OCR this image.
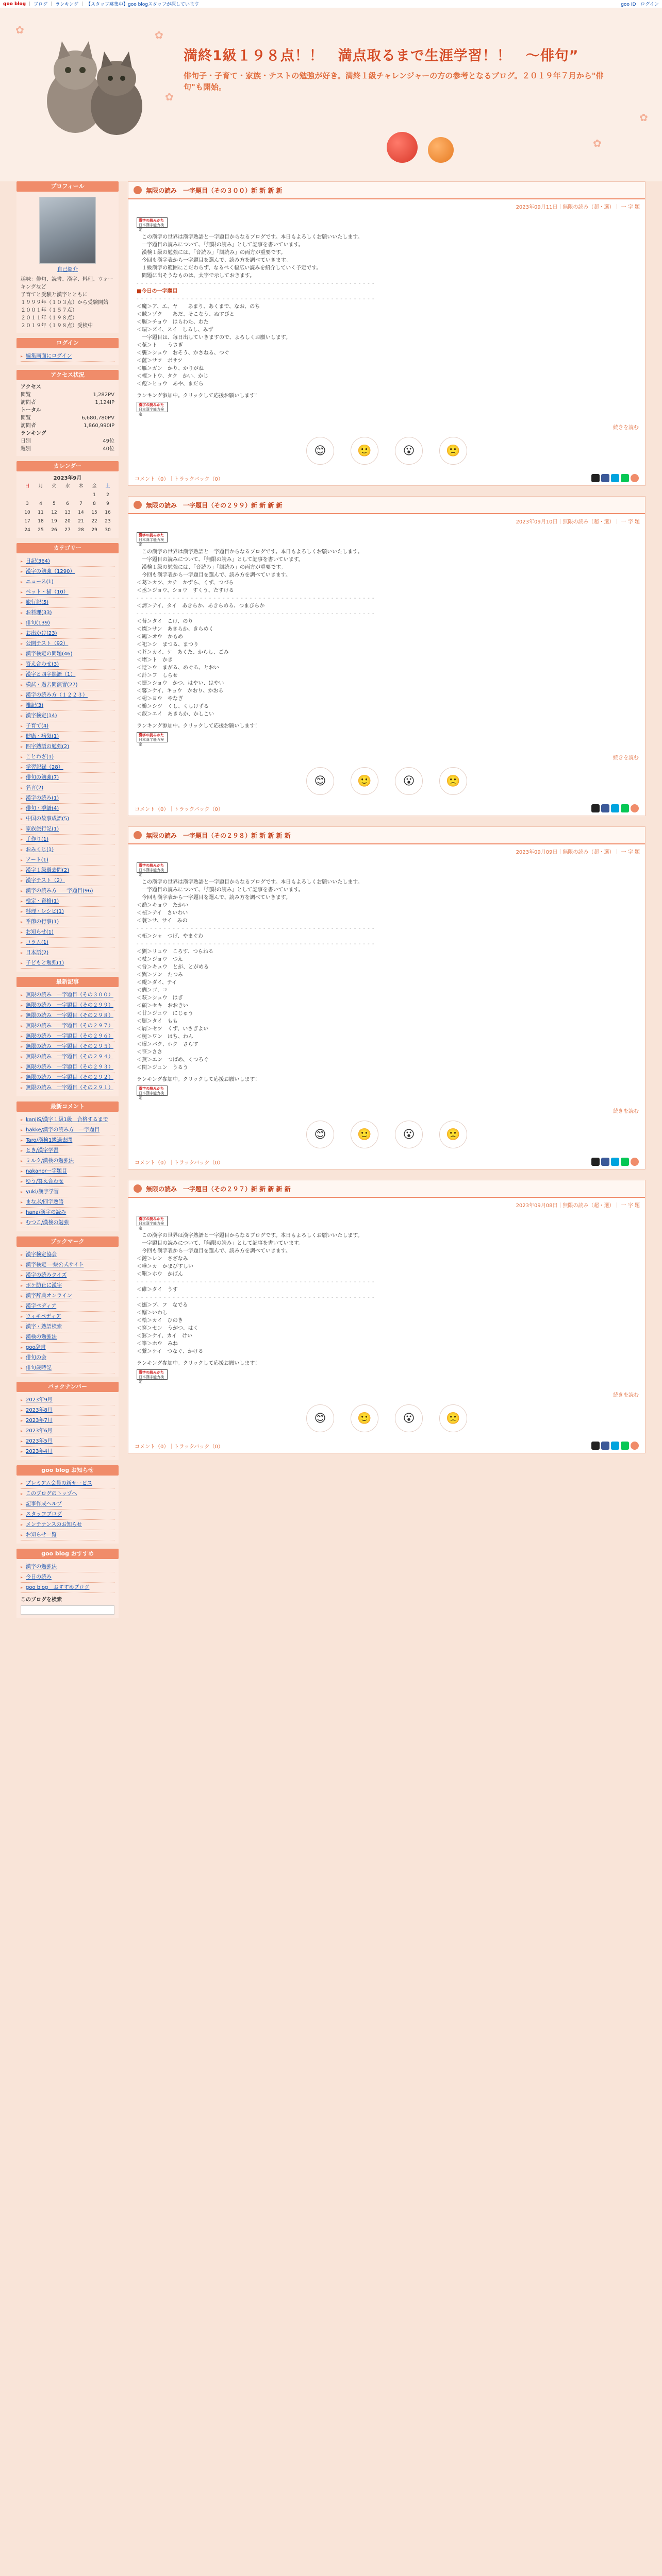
goo blog | ブログ | ランキング | 【スタッフ募集中】goo blogスタッフが探しています	goo ID　ログイン
✿	✿
✿
✿
✿
満終1級１９８点！！　満点取るまで生涯学習！！　～俳句”
俳句子・子育て・家族・テストの勉強が好き。満終１級チャレンジャーの方の参考となるブログ。２０１９年７月から"俳句"も開始。
プロフィール
自己紹介
趣味：俳句、読書、漢字、料理、ウォーキングなど
子育てと受験と漢字とともに
１９９９年（１０３点）から受験開始
２００１年（１５７点）
２０１１年（１９８点）
２０１９年（１９８点）受検中
ログイン
▸ 編集画面にログイン
アクセス状況
アクセス
閲覧	1,282PV
訪問者	1,124IP
トータル
閲覧	6,680,780PV
訪問者	1,860,990IP
ランキング
日別	49位
週別	40位
カレンダー
2023年9月
日	月	火	水	木	金	土
					1	2
3	4	5	6	7	8	9
10	11	12	13	14	15	16
17	18	19	20	21	22	23
24	25	26	27	28	29	30
カテゴリー
▸ 日記(364)
▸ 漢字の勉強（1290）
▸ ニュース(1)
▸ ペット・猫（10）
▸ 旅行記(5)
▸ お料理(33)
▸ 俳句(139)
▸ お出かけ(23)
▸ 公開テスト（92）
▸ 漢字検定の問題(46)
▸ 答え合わせ(3)
▸ 漢字と四字熟語（1）
▸ 模試・過去問演習(27)
▸ 漢字の読み方（１２２３）
▸ 雑記(3)
▸ 漢字検定(14)
▸ 子育て(4)
▸ 健康・病気(1)
▸ 四字熟語の勉強(2)
▸ ことわざ(1)
▸ 学習記録（28）
▸ 俳句の勉強(7)
▸ 名言(2)
▸ 漢字の読み(1)
▸ 俳句・季語(4)
▸ 中国の故事成語(5)
▸ 家族旅行記(1)
▸ 手作り(1)
▸ おみくじ(1)
▸ アート(1)
▸ 漢字１級過去問(2)
▸ 漢字テスト（2）
▸ 漢字の読み方　一字題目(96)
▸ 検定・資格(1)
▸ 料理・レシピ(1)
▸ 季節の行事(1)
▸ お知らせ(1)
▸ コラム(1)
▸ 日本語(2)
▸ 子どもと勉強(1)
最新記事
▸ 無限の読み　一字題目（その３００）
▸ 無限の読み　一字題目（その２９９）
▸ 無限の読み　一字題目（その２９８）
▸ 無限の読み　一字題目（その２９７）
▸ 無限の読み　一字題目（その２９６）
▸ 無限の読み　一字題目（その２９５）
▸ 無限の読み　一字題目（その２９４）
▸ 無限の読み　一字題目（その２９３）
▸ 無限の読み　一字題目（その２９２）
▸ 無限の読み　一字題目（その２９１）
最新コメント
▸ kanjiS/漢字１級1級　合格するまで
▸ hakke/漢字の読み方　一字題目
▸ Taro/漢検1級過去問
▸ とき/漢字学習
▸ ミルク/漢検の勉強法
▸ nakano/一字題目
▸ ゆう/答え合わせ
▸ yuki/漢字学習
▸ まなぶ/四字熟語
▸ hana/漢字の読み
▸ むつこ/漢検の勉強
ブックマーク
▸ 漢字検定協会
▸ 漢字検定 一級公式サイト
▸ 漢字の読みクイズ
▸ ボケ防止に漢字
▸ 漢字辞典オンライン
▸ 漢字ペディア
▸ ウィキペディア
▸ 漢字・熟語検索
▸ 漢検の勉強法
▸ goo辞書
▸ 俳句の会
▸ 俳句歳時記
バックナンバー
▸ 2023年9月
▸ 2023年8月
▸ 2023年7月
▸ 2023年6月
▸ 2023年5月
▸ 2023年4月
goo blog お知らせ
▸ プレミアム会員の新サービス
▸ このブログのトップへ
▸ 記事作成ヘルプ
▸ スタッフブログ
▸ メンテナンスのお知らせ
▸ お知らせ一覧
goo blog おすすめ
▸ 漢字の勉強法
▸ 今日の読み
▸ goo blog　おすすめブログ
このブログを検索
無限の読み　一字題目（その３００）新 新 新 新
2023年09月11日｜無限の読み（超・選）｜ 一 字 題
漢字の読みかた
日本漢字能力検定

　この漢字の世界は漢字熟語と一字題目からなるブログです。本日もよろしくお願いいたします。

　一字題目の読みについて、「無限の読み」として記事を書いています。

　漢検１級の勉強には、「音読み」「訓読み」の両方が重要です。

　今回も漢字表から一字題目を選んで、読み方を調べていきます。

　１級漢字の範囲にこだわらず、なるべく幅広い読みを紹介していく予定です。

　問題に出そうなものは、太字で示しておきます。

- - - - - - - - - - - - - - - - - - - - - - - - - - - - - - - - - - - - - - - - - - - - - - - - - - - - -

■今日の一字題目

- - - - - - - - - - - - - - - - - - - - - - - - - - - - - - - - - - - - - - - - - - - - - - - - - - - - -

＜魔＞ア、エ、ヤ　　あまり、あくまで、なお、のち

＜賊＞ゾク　　あだ、そこなう、ぬすびと

＜腸＞チョウ　はらわた、わた

＜瑞＞ズイ、スイ　しるし、みず

　一字題目は、毎日出していきますので、よろしくお願いします。

＜菟＞ト　　うさぎ

＜襲＞シュウ　おそう、かさねる、つぐ

＜薩＞サツ　ボサツ

＜雁＞ガン　かり、かりがね

＜櫂＞トウ、タク　かい、かじ

＜彪＞ヒョウ　あや、まだら

ランキング参加中。クリックして応援お願いします！

漢字の読みかた
日本漢字能力検定
続きを読む
😊	🙂	😮	🙁
コメント（0）｜トラックバック（0）
無限の読み　一字題目（その２９９）新 新 新 新
2023年09月10日｜無限の読み（超・選）｜ 一 字 題
漢字の読みかた
日本漢字能力検定

　この漢字の世界は漢字熟語と一字題目からなるブログです。本日もよろしくお願いいたします。

　一字題目の読みについて、「無限の読み」として記事を書いています。

　漢検１級の勉強には、「音読み」「訓読み」の両方が重要です。

　今回も漢字表から一字題目を選んで、読み方を調べていきます。

＜葛＞カツ、カチ　かずら、くず、つづら

＜丞＞ジョウ、ショウ　すくう、たすける

- - - - - - - - - - - - - - - - - - - - - - - - - - - - - - - - - - - - - - - - - - - - - - - - - - - - -

＜諦＞テイ、タイ　あきらか、あきらめる、つまびらか

- - - - - - - - - - - - - - - - - - - - - - - - - - - - - - - - - - - - - - - - - - - - - - - - - - - - -

＜苔＞タイ　こけ、のり

＜燦＞サン　あきらか、きらめく

＜鷗＞オウ　かもめ

＜祀＞シ　まつる、まつり

＜芥＞カイ、ケ　あくた、からし、ごみ

＜堵＞ト　かき

＜迂＞ウ　まがる、めぐる、とおい

＜訃＞フ　しらせ

＜捷＞ショウ　かつ、はやい、はやい

＜馨＞ケイ、キョウ　かおり、かおる

＜楊＞ヨウ　やなぎ

＜櫛＞シツ　くし、くしけずる

＜叡＞エイ　あきらか、かしこい

ランキング参加中。クリックして応援お願いします！

漢字の読みかた
日本漢字能力検定
続きを読む
😊	🙂	😮	🙁
コメント（0）｜トラックバック（0）
無限の読み　一字題目（その２９８）新 新 新 新 新
2023年09月09日｜無限の読み（超・選）｜ 一 字 題
漢字の読みかた
日本漢字能力検定

　この漢字の世界は漢字熟語と一字題目からなるブログです。本日もよろしくお願いいたします。

　一字題目の読みについて、「無限の読み」として記事を書いています。

　今回も漢字表から一字題目を選んで、読み方を調べていきます。

＜喬＞キョウ　たかい

＜禎＞テイ　さいわい

＜蓑＞サ、サイ　みの

- - - - - - - - - - - - - - - - - - - - - - - - - - - - - - - - - - - - - - - - - - - - - - - - - - - - -

＜柘＞シャ　つげ、やまぐわ

- - - - - - - - - - - - - - - - - - - - - - - - - - - - - - - - - - - - - - - - - - - - - - - - - - - - -

＜劉＞リュウ　ころす、つらねる

＜杖＞ジョウ　つえ

＜咎＞キュウ　とが、とがめる

＜巽＞ソン　たつみ

＜醍＞ダイ、テイ

＜醐＞ゴ、コ

＜萩＞シュウ　はぎ

＜碩＞セキ　おおきい

＜廿＞ジュウ　にじゅう

＜腿＞タイ　もも

＜屑＞セツ　くず、いさぎよい

＜椀＞ワン　はち、わん

＜曝＞バク、ホク　さらす

＜笹＞ささ

＜燕＞エン　つばめ、くつろぐ

＜閏＞ジュン　うるう

ランキング参加中。クリックして応援お願いします！

漢字の読みかた
日本漢字能力検定
続きを読む
😊	🙂	😮	🙁
コメント（0）｜トラックバック（0）
無限の読み　一字題目（その２９７）新 新 新 新 新
2023年09月08日｜無限の読み（超・選）｜ 一 字 題
漢字の読みかた
日本漢字能力検定

　この漢字の世界は漢字熟語と一字題目からなるブログです。本日もよろしくお願いいたします。

　一字題目の読みについて、「無限の読み」として記事を書いています。

　今回も漢字表から一字題目を選んで、読み方を調べていきます。

＜漣＞レン　さざなみ

＜嘩＞カ　かまびすしい

＜鞄＞ホウ　かばん

- - - - - - - - - - - - - - - - - - - - - - - - - - - - - - - - - - - - - - - - - - - - - - - - - - - - -

＜碓＞タイ　うす

- - - - - - - - - - - - - - - - - - - - - - - - - - - - - - - - - - - - - - - - - - - - - - - - - - - - -

＜撫＞ブ、フ　なでる

＜鰯＞いわし

＜桧＞カイ　ひのき

＜穿＞セン　うがつ、はく

＜罫＞ケイ、カイ　けい

＜峯＞ホウ　みね

＜繋＞ケイ　つなぐ、かける

ランキング参加中。クリックして応援お願いします！

漢字の読みかた
日本漢字能力検定
続きを読む
😊	🙂	😮	🙁
コメント（0）｜トラックバック（0）
